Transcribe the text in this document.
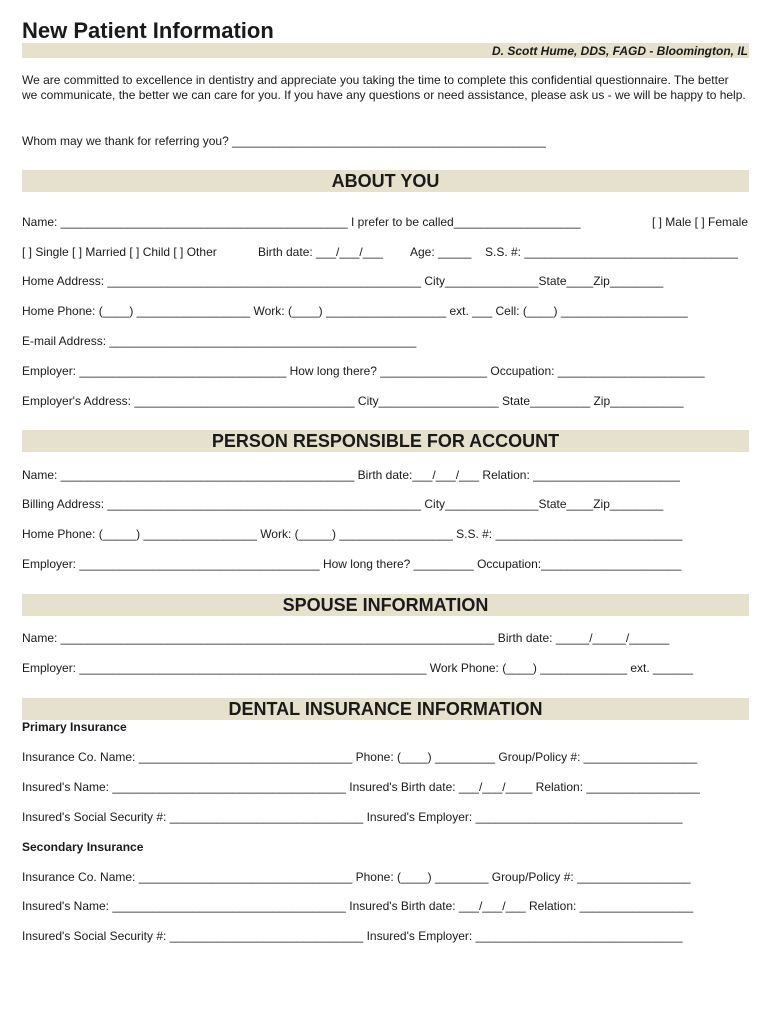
New Patient Information
D. Scott Hume, DDS, FAGD - Bloomington, IL

We are committed to excellence in dentistry and appreciate you taking the time to complete this confidential questionnaire. The better we communicate, the better we can care for you. If you have any questions or need assistance, please ask us - we will be happy to help.

Whom may we thank for referring you? _______________________________________________
ABOUT YOU
Name: ___________________________________________ I prefer to be called___________________	[ ] Male [ ] Female
[ ] Single [ ] Married [ ] Child [ ] Other	Birth date: ___/___/___ Age: _____ S.S. #: ________________________________
Home Address: _______________________________________________ City______________State____Zip________
Home Phone: (____) _________________ Work: (____) __________________ ext. ___ Cell: (____) ___________________
E-mail Address: ______________________________________________
Employer: _______________________________ How long there? ________________ Occupation: ______________________
Employer's Address: _________________________________ City__________________ State_________ Zip___________
PERSON RESPONSIBLE FOR ACCOUNT
Name: ____________________________________________ Birth date:___/___/___ Relation: ______________________
Billing Address: _______________________________________________ City______________State____Zip________
Home Phone: (_____) _________________ Work: (_____) _________________ S.S. #: ____________________________
Employer: ____________________________________ How long there? _________ Occupation:_____________________
SPOUSE INFORMATION
Name: _________________________________________________________________ Birth date: _____/_____/______
Employer: ____________________________________________________ Work Phone: (____) _____________ ext. ______
DENTAL INSURANCE INFORMATION
Primary Insurance
Insurance Co. Name: ________________________________ Phone: (____) _________ Group/Policy #: _________________
Insured's Name: ___________________________________ Insured's Birth date: ___/___/____ Relation: _________________
Insured's Social Security #: _____________________________ Insured's Employer: _______________________________
Secondary Insurance
Insurance Co. Name: ________________________________ Phone: (____) ________ Group/Policy #: _________________
Insured's Name: ___________________________________ Insured's Birth date: ___/___/___ Relation: _________________
Insured's Social Security #: _____________________________ Insured's Employer: _______________________________
